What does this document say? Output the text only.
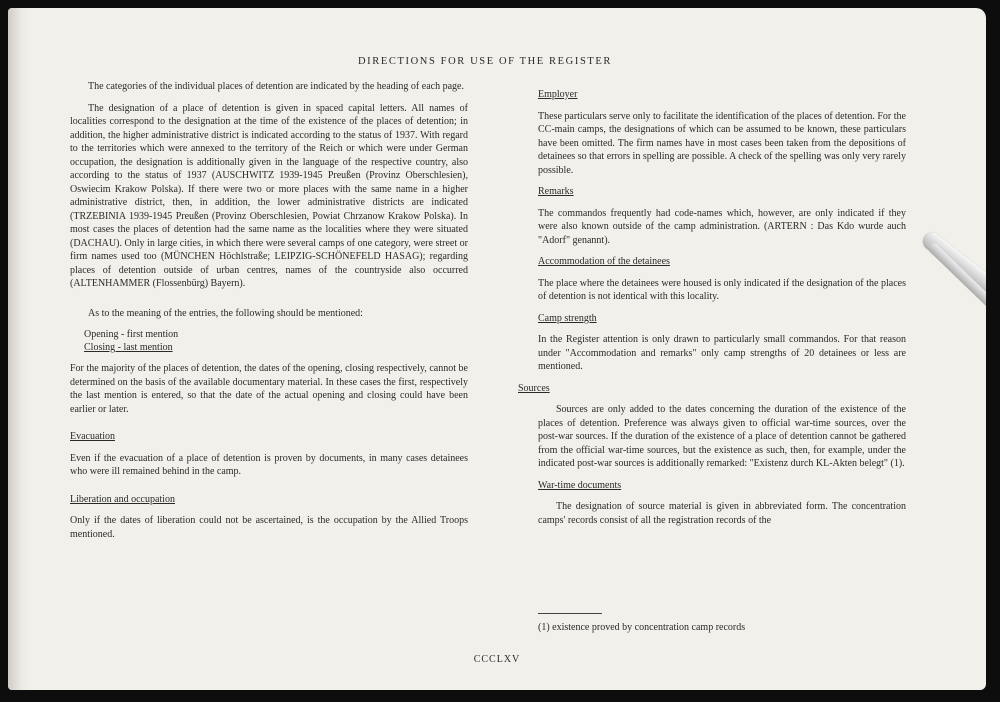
DIRECTIONS FOR USE OF THE REGISTER

The categories of the individual places of detention are indicated by the heading of each page.

The designation of a place of detention is given in spaced capital letters. All names of localities correspond to the designation at the time of the existence of the places of detention; in addition, the higher administrative district is indicated according to the status of 1937. With regard to the territories which were annexed to the territory of the Reich or which were under German occupation, the designation is additionally given in the language of the respective country, also according to the status of 1937 (AUSCHWITZ 1939-1945 Preußen (Provinz Oberschlesien), Oswiecim Krakow Polska). If there were two or more places with the same name in a higher administrative district, then, in addition, the lower administrative districts are indicated (TRZEBINIA 1939-1945 Preußen (Provinz Oberschlesien, Powiat Chrzanow Krakow Polska). In most cases the places of detention had the same name as the localities where they were situated (DACHAU). Only in large cities, in which there were several camps of one category, were street or firm names used too (MÜNCHEN Höchlstraße; LEIPZIG-SCHÖNEFELD HASAG); regarding places of detention outside of urban centres, names of the countryside also occurred (ALTENHAMMER (Flossenbürg) Bayern).

As to the meaning of the entries, the following should be mentioned:

Opening - first mention
Closing - last mention

For the majority of the places of detention, the dates of the opening, closing respectively, cannot be determined on the basis of the available documentary material. In these cases the first, respectively the last mention is entered, so that the date of the actual opening and closing could have been earlier or later.

Evacuation

Even if the evacuation of a place of detention is proven by documents, in many cases detainees who were ill remained behind in the camp.

Liberation and occupation

Only if the dates of liberation could not be ascertained, is the occupation by the Allied Troops mentioned.

Employer

These particulars serve only to facilitate the identification of the places of detention. For the CC-main camps, the designations of which can be assumed to be known, these particulars have been omitted. The firm names have in most cases been taken from the depositions of detainees so that errors in spelling are possible. A check of the spelling was only very rarely possible.

Remarks

The commandos frequently had code-names which, however, are only indicated if they were also known outside of the camp administration. (ARTERN : Das Kdo wurde auch "Adorf" genannt).

Accommodation of the detainees

The place where the detainees were housed is only indicated if the designation of the places of detention is not identical with this locality.

Camp strength

In the Register attention is only drawn to particularly small commandos. For that reason under "Accommodation and remarks" only camp strengths of 20 detainees or less are mentioned.

Sources

Sources are only added to the dates concerning the duration of the existence of the places of detention. Preference was always given to official war-time sources, over the post-war sources. If the duration of the existence of a place of detention cannot be gathered from the official war-time sources, but the existence as such, then, for example, under the indicated post-war sources is additionally remarked: "Existenz durch KL-Akten belegt" (1).

War-time documents

The designation of source material is given in abbreviated form. The concentration camps' records consist of all the registration records of the

(1) existence proved by concentration camp records
CCCLXV
